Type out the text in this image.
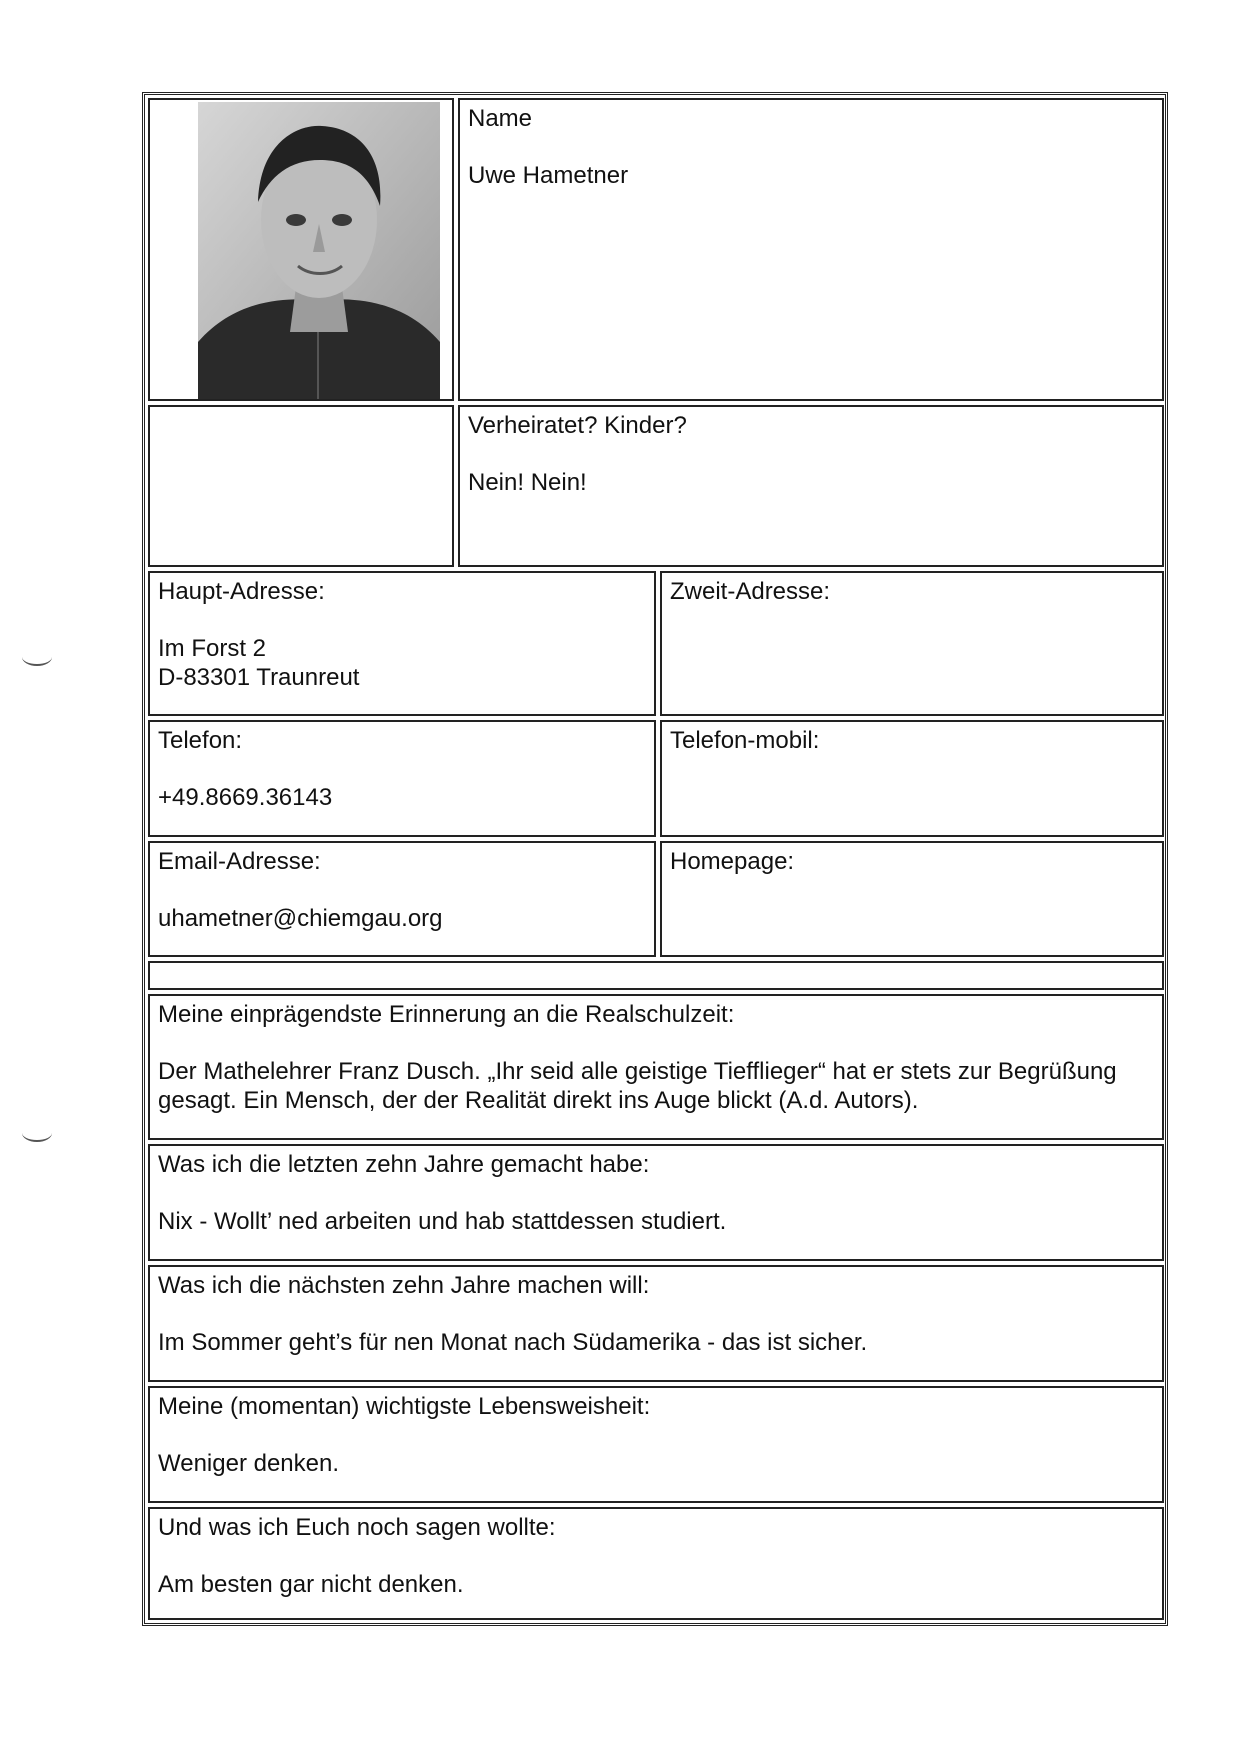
Name
Uwe Hametner
Verheiratet? Kinder?
Nein! Nein!
Haupt-Adresse:
Im Forst 2
D-83301 Traunreut
Zweit-Adresse:
Telefon:
+49.8669.36143
Telefon-mobil:
Email-Adresse:
uhametner@chiemgau.org
Homepage:
Meine einprägendste Erinnerung an die Realschulzeit:
Der Mathelehrer Franz Dusch. „Ihr seid alle geistige Tiefflieger“ hat er stets zur Begrüßung
gesagt. Ein Mensch, der der Realität direkt ins Auge blickt (A.d. Autors).
Was ich die letzten zehn Jahre gemacht habe:
Nix - Wollt’ ned arbeiten und hab stattdessen studiert.
Was ich die nächsten zehn Jahre machen will:
Im Sommer geht’s für nen Monat nach Südamerika - das ist sicher.
Meine (momentan) wichtigste Lebensweisheit:
Weniger denken.
Und was ich Euch noch sagen wollte:
Am besten gar nicht denken.
